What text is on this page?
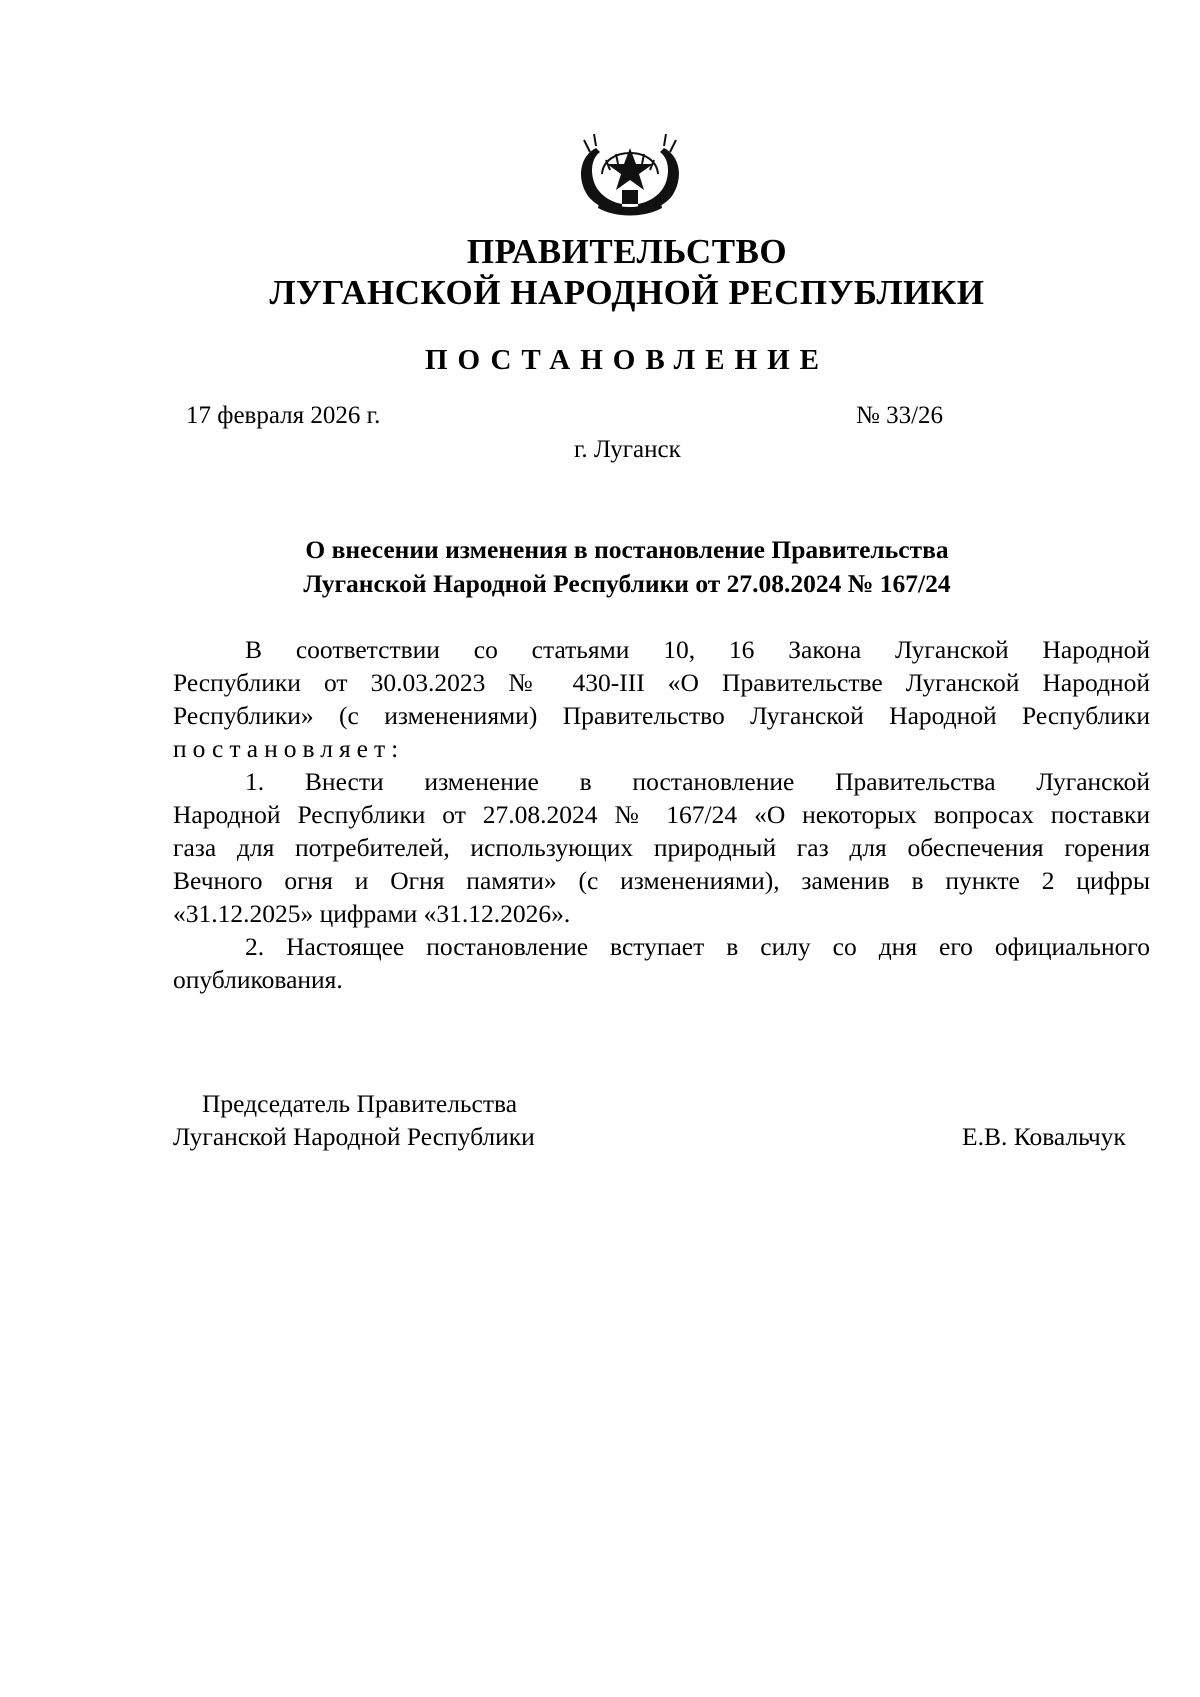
ПРАВИТЕЛЬСТВО
ЛУГАНСКОЙ НАРОДНОЙ РЕСПУБЛИКИ
ПОСТАНОВЛЕНИЕ
17 февраля 2026 г.	№ 33/26
г. Луганск
О внесении изменения в постановление Правительства
Луганской Народной Республики от 27.08.2024 № 167/24
В соответствии со статьями 10, 16 Закона Луганской Народной
Республики от 30.03.2023 № 430-III «О Правительстве Луганской Народной
Республики» (с изменениями) Правительство Луганской Народной Республики
постановляет:
1. Внести изменение в постановление Правительства Луганской
Народной Республики от 27.08.2024 № 167/24 «О некоторых вопросах поставки
газа для потребителей, использующих природный газ для обеспечения горения
Вечного огня и Огня памяти» (с изменениями), заменив в пункте 2 цифры
«31.12.2025» цифрами «31.12.2026».
2. Настоящее постановление вступает в силу со дня его официального
опубликования.
Председатель Правительства
Луганской Народной Республики	Е.В. Ковальчук
